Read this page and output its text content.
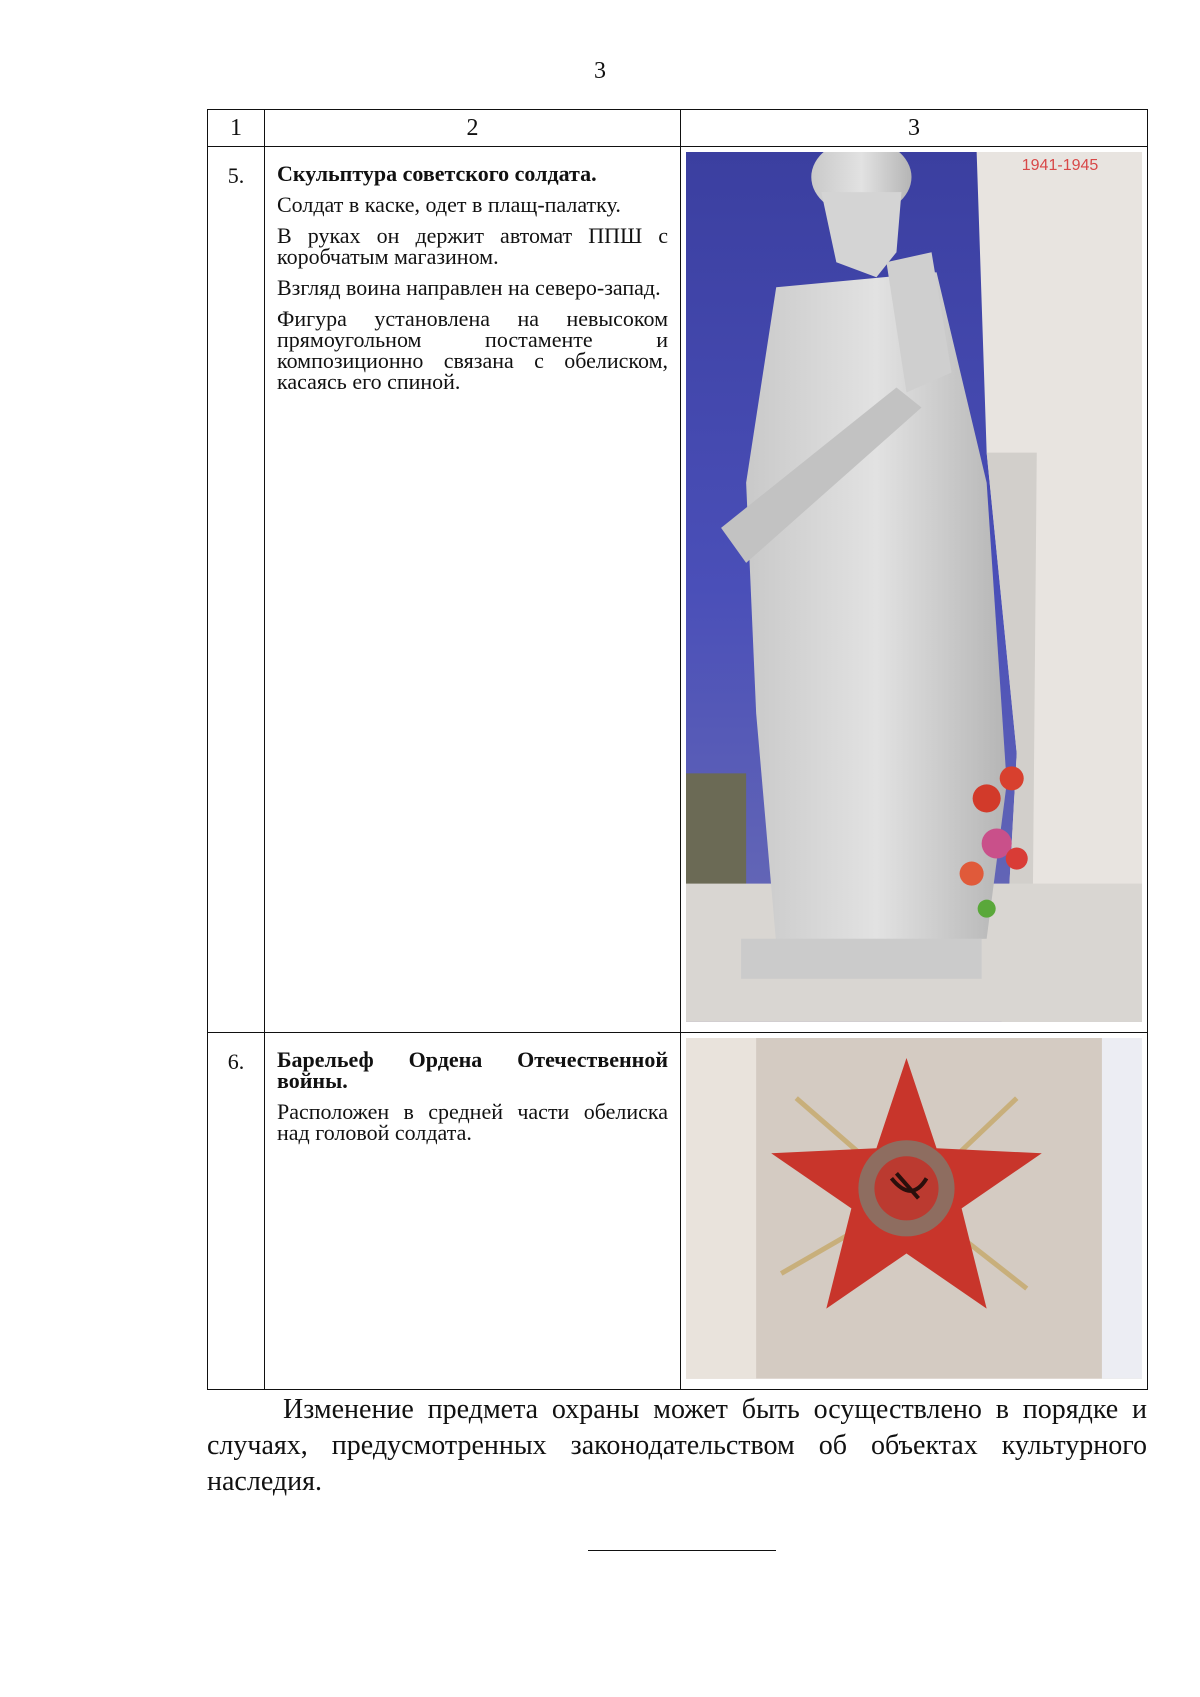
3
1	2	3
5.	Скульптура советского солдата.
Солдат в каске, одет в плащ-палатку.
В руках он держит автомат ППШ с коробчатым магазином.
Взгляд воина направлен на северо-запад.
Фигура установлена на невысоком прямоугольном постаменте и композиционно связана с обелиском, касаясь его спиной.	1941-1945

6.	Барельеф Ордена Отечественной войны.
Расположен в средней части обелиска над головой солдата.

Изменение предмета охраны может быть осуществлено в порядке и случаях, предусмотренных законодательством об объектах культурного наследия.
